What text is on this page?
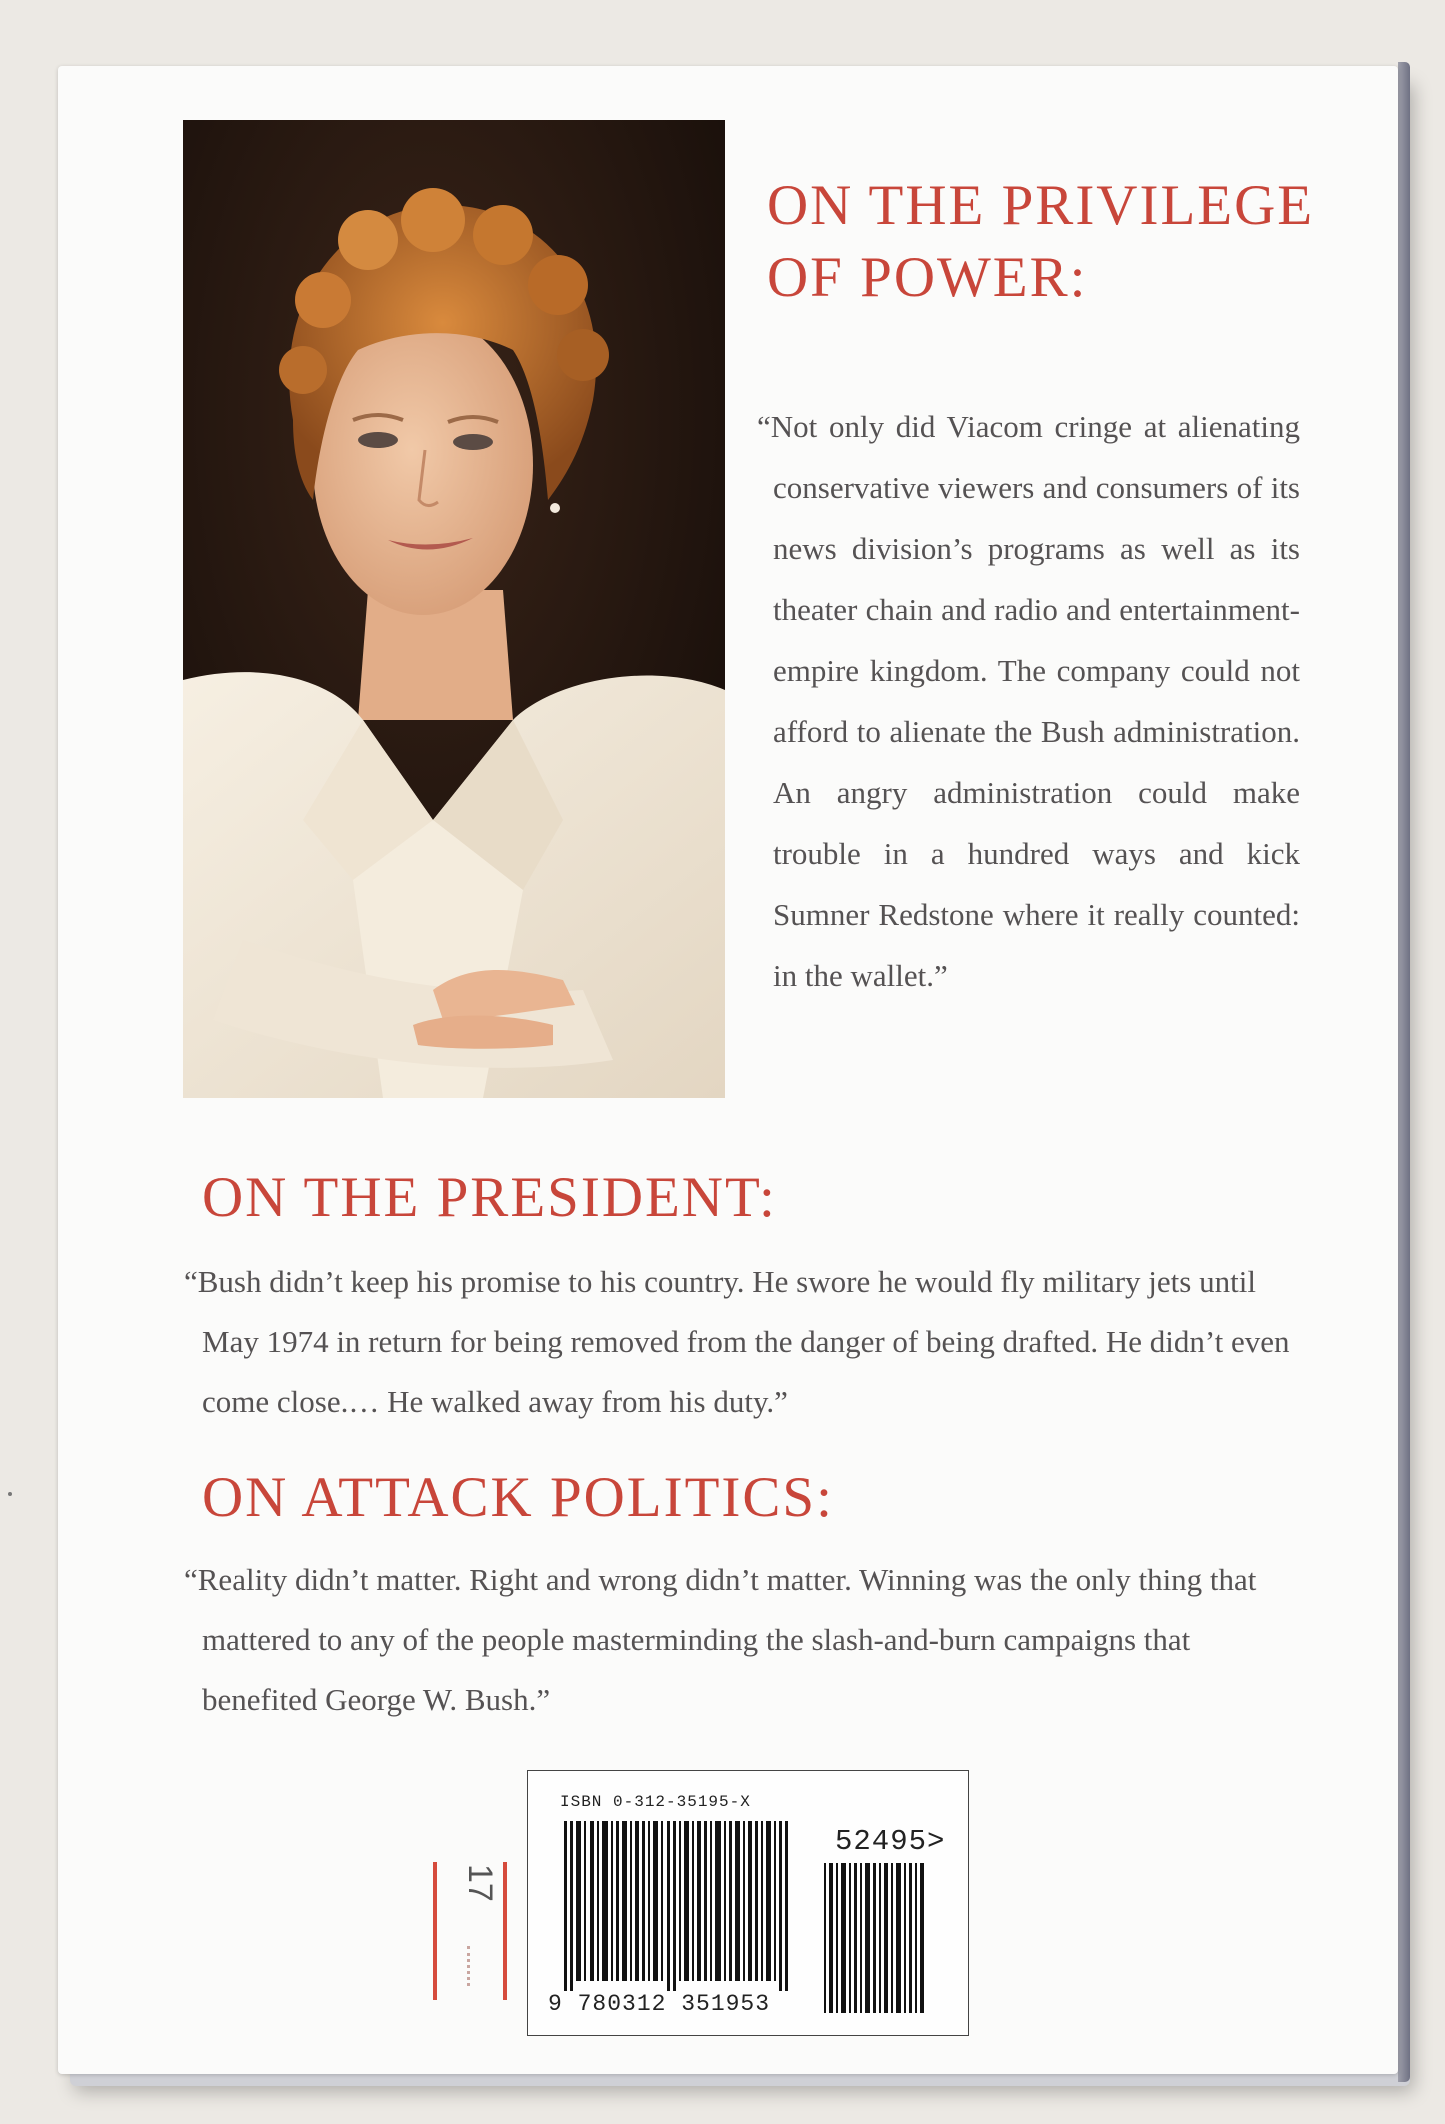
ON THE PRIVILEGE OF POWER:

“Not only did Viacom cringe at alienating conservative viewers and consumers of its news division’s programs as well as its theater chain and radio and entertainment-empire kingdom. The company could not afford to alienate the Bush administration. An angry administration could make trouble in a hundred ways and kick Sumner Redstone where it really counted: in the wallet.”

ON THE PRESIDENT:

“Bush didn’t keep his promise to his country. He swore he would fly military jets until May 1974 in return for being removed from the danger of being drafted. He didn’t even come close.… He walked away from his duty.”

ON ATTACK POLITICS:

“Reality didn’t matter. Right and wrong didn’t matter. Winning was the only thing that mattered to any of the people masterminding the slash-and-burn campaigns that benefited George W. Bush.”

17
ISBN 0-312-35195-X
52495>
9 780312 351953
